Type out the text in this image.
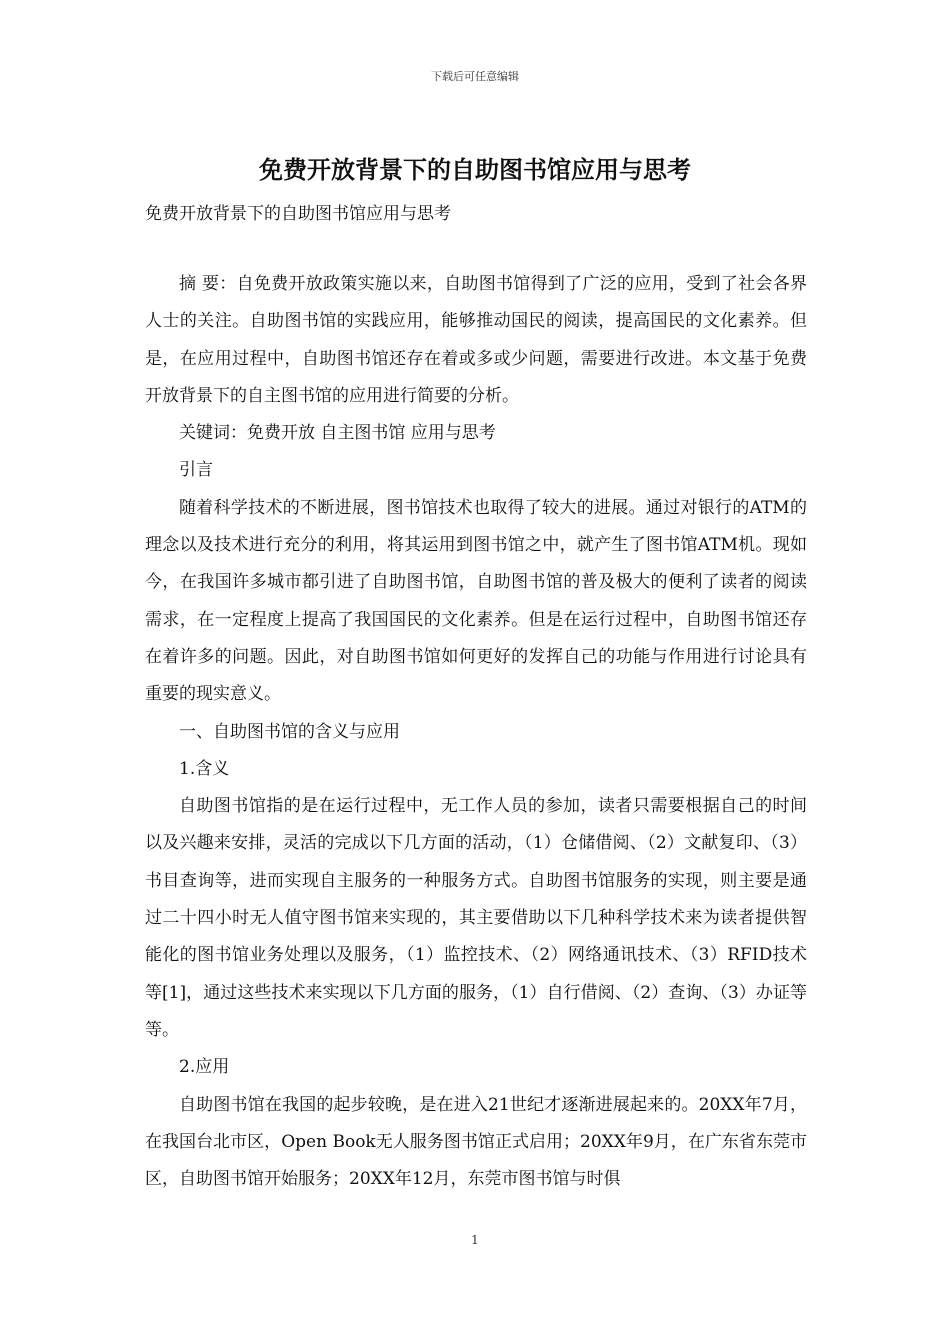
下载后可任意编辑
免费开放背景下的自助图书馆应用与思考

免费开放背景下的自助图书馆应用与思考

摘 要：自免费开放政策实施以来，自助图书馆得到了广泛的应用，受到了社会各界人士的关注。自助图书馆的实践应用，能够推动国民的阅读，提高国民的文化素养。但是，在应用过程中，自助图书馆还存在着或多或少问题，需要进行改进。本文基于免费开放背景下的自主图书馆的应用进行简要的分析。

关键词：免费开放 自主图书馆 应用与思考

引言

随着科学技术的不断进展，图书馆技术也取得了较大的进展。通过对银行的ATM的理念以及技术进行充分的利用，将其运用到图书馆之中，就产生了图书馆ATM机。现如今，在我国许多城市都引进了自助图书馆，自助图书馆的普及极大的便利了读者的阅读需求，在一定程度上提高了我国国民的文化素养。但是在运行过程中，自助图书馆还存在着许多的问题。因此，对自助图书馆如何更好的发挥自己的功能与作用进行讨论具有重要的现实意义。

一、自助图书馆的含义与应用

1.含义

自助图书馆指的是在运行过程中，无工作人员的参加，读者只需要根据自己的时间以及兴趣来安排，灵活的完成以下几方面的活动，（1）仓储借阅、（2）文献复印、（3）书目查询等，进而实现自主服务的一种服务方式。自助图书馆服务的实现，则主要是通过二十四小时无人值守图书馆来实现的，其主要借助以下几种科学技术来为读者提供智能化的图书馆业务处理以及服务，（1）监控技术、（2）网络通讯技术、（3）RFID技术等[1]，通过这些技术来实现以下几方面的服务，（1）自行借阅、（2）查询、（3）办证等等。

2.应用

自助图书馆在我国的起步较晚，是在进入21世纪才逐渐进展起来的。20XX年7月，在我国台北市区，Open Book无人服务图书馆正式启用；20XX年9月，在广东省东莞市区，自助图书馆开始服务；20XX年12月，东莞市图书馆与时俱

1
